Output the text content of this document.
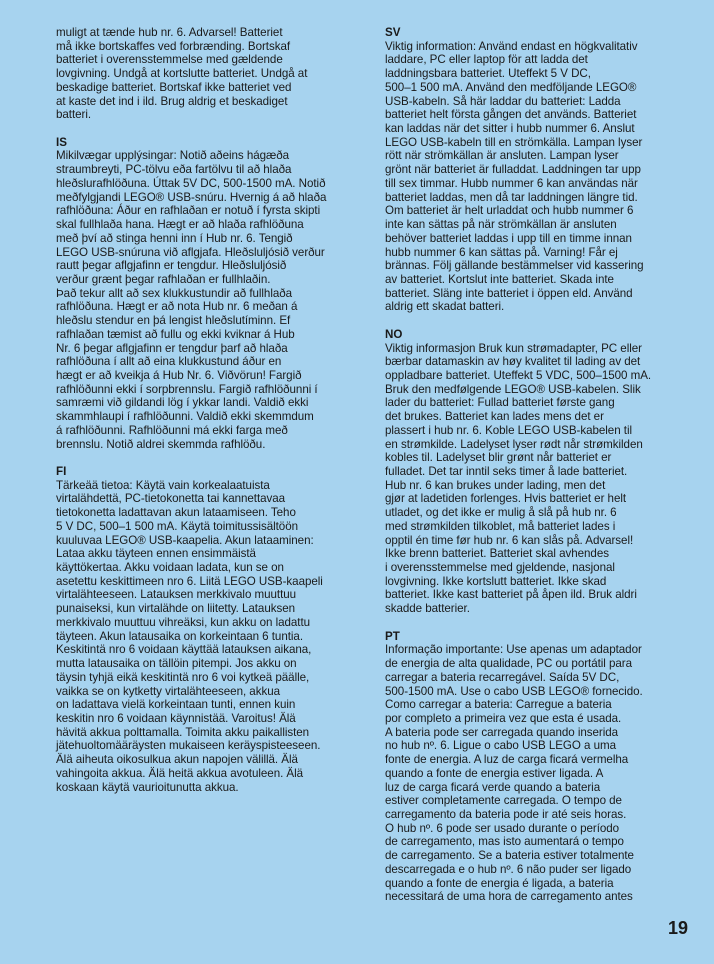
muligt at tænde hub nr. 6. Advarsel! Batteriet
må ikke bortskaffes ved forbrænding. Bortskaf
batteriet i overensstemmelse med gældende
lovgivning. Undgå at kortslutte batteriet. Undgå at
beskadige batteriet. Bortskaf ikke batteriet ved
at kaste det ind i ild. Brug aldrig et beskadiget
batteri.

IS

Mikilvægar upplýsingar: Notið aðeins hágæða
straumbreyti, PC-tölvu eða fartölvu til að hlaða
hleðslurafhlöðuna. Úttak 5V DC, 500-1500 mA. Notið
meðfylgjandi LEGO® USB-snúru. Hvernig á að hlaða
rafhlöðuna: Áður en rafhlaðan er notuð í fyrsta skipti
skal fullhlaða hana. Hægt er að hlaða rafhlöðuna
með því að stinga henni inn í Hub nr. 6. Tengið
LEGO USB-snúruna við aflgjafa. Hleðsluljósið verður
rautt þegar aflgjafinn er tengdur. Hleðsluljósið
verður grænt þegar rafhlaðan er fullhlaðin.
Það tekur allt að sex klukkustundir að fullhlaða
rafhlöðuna. Hægt er að nota Hub nr. 6 meðan á
hleðslu stendur en þá lengist hleðslutíminn. Ef
rafhlaðan tæmist að fullu og ekki kviknar á Hub
Nr. 6 þegar aflgjafinn er tengdur þarf að hlaða
rafhlöðuna í allt að eina klukkustund áður en
hægt er að kveikja á Hub Nr. 6. Viðvörun! Fargið
rafhlöðunni ekki í sorpbrennslu. Fargið rafhlöðunni í
samræmi við gildandi lög í ykkar landi. Valdið ekki
skammhlaupi í rafhlöðunni. Valdið ekki skemmdum
á rafhlöðunni. Rafhlöðunni má ekki farga með
brennslu. Notið aldrei skemmda rafhlöðu.

FI

Tärkeää tietoa: Käytä vain korkealaatuista
virtalähdettä, PC-tietokonetta tai kannettavaa
tietokonetta ladattavan akun lataamiseen. Teho
5 V DC, 500–1 500 mA. Käytä toimitussisältöön
kuuluvaa LEGO® USB-kaapelia. Akun lataaminen:
Lataa akku täyteen ennen ensimmäistä
käyttökertaa. Akku voidaan ladata, kun se on
asetettu keskittimeen nro 6. Liitä LEGO USB-kaapeli
virtalähteeseen. Latauksen merkkivalo muuttuu
punaiseksi, kun virtalähde on liitetty. Latauksen
merkkivalo muuttuu vihreäksi, kun akku on ladattu
täyteen. Akun latausaika on korkeintaan 6 tuntia.
Keskitintä nro 6 voidaan käyttää latauksen aikana,
mutta latausaika on tällöin pitempi. Jos akku on
täysin tyhjä eikä keskitintä nro 6 voi kytkeä päälle,
vaikka se on kytketty virtalähteeseen, akkua
on ladattava vielä korkeintaan tunti, ennen kuin
keskitin nro 6 voidaan käynnistää. Varoitus! Älä
hävitä akkua polttamalla. Toimita akku paikallisten
jätehuoltomääräysten mukaiseen keräyspisteeseen.
Älä aiheuta oikosulkua akun napojen välillä. Älä
vahingoita akkua. Älä heitä akkua avotuleen. Älä
koskaan käytä vaurioitunutta akkua.

SV

Viktig information: Använd endast en högkvalitativ
laddare, PC eller laptop för att ladda det
laddningsbara batteriet. Uteffekt 5 V DC,
500–1 500 mA. Använd den medföljande LEGO®
USB-kabeln. Så här laddar du batteriet: Ladda
batteriet helt första gången det används. Batteriet
kan laddas när det sitter i hubb nummer 6. Anslut
LEGO USB-kabeln till en strömkälla. Lampan lyser
rött när strömkällan är ansluten. Lampan lyser
grönt när batteriet är fulladdat. Laddningen tar upp
till sex timmar. Hubb nummer 6 kan användas när
batteriet laddas, men då tar laddningen längre tid.
Om batteriet är helt urladdat och hubb nummer 6
inte kan sättas på när strömkällan är ansluten
behöver batteriet laddas i upp till en timme innan
hubb nummer 6 kan sättas på. Varning! Får ej
brännas. Följ gällande bestämmelser vid kassering
av batteriet. Kortslut inte batteriet. Skada inte
batteriet. Släng inte batteriet i öppen eld. Använd
aldrig ett skadat batteri.

NO

Viktig informasjon Bruk kun strømadapter, PC eller
bærbar datamaskin av høy kvalitet til lading av det
oppladbare batteriet. Uteffekt 5 VDC, 500–1500 mA.
Bruk den medfølgende LEGO® USB-kabelen. Slik
lader du batteriet: Fullad batteriet første gang
det brukes. Batteriet kan lades mens det er
plassert i hub nr. 6. Koble LEGO USB-kabelen til
en strømkilde. Ladelyset lyser rødt når strømkilden
kobles til. Ladelyset blir grønt når batteriet er
fulladet. Det tar inntil seks timer å lade batteriet.
Hub nr. 6 kan brukes under lading, men det
gjør at ladetiden forlenges. Hvis batteriet er helt
utladet, og det ikke er mulig å slå på hub nr. 6
med strømkilden tilkoblet, må batteriet lades i
opptil én time før hub nr. 6 kan slås på. Advarsel!
Ikke brenn batteriet. Batteriet skal avhendes
i overensstemmelse med gjeldende, nasjonal
lovgivning. Ikke kortslutt batteriet. Ikke skad
batteriet. Ikke kast batteriet på åpen ild. Bruk aldri
skadde batterier.

PT

Informação importante: Use apenas um adaptador
de energia de alta qualidade, PC ou portátil para
carregar a bateria recarregável. Saída 5V DC,
500-1500 mA. Use o cabo USB LEGO® fornecido.
Como carregar a bateria: Carregue a bateria
por completo a primeira vez que esta é usada.
A bateria pode ser carregada quando inserida
no hub nº. 6. Ligue o cabo USB LEGO a uma
fonte de energia. A luz de carga ficará vermelha
quando a fonte de energia estiver ligada. A
luz de carga ficará verde quando a bateria
estiver completamente carregada. O tempo de
carregamento da bateria pode ir até seis horas.
O hub nº. 6 pode ser usado durante o período
de carregamento, mas isto aumentará o tempo
de carregamento. Se a bateria estiver totalmente
descarregada e o hub nº. 6 não puder ser ligado
quando a fonte de energia é ligada, a bateria
necessitará de uma hora de carregamento antes

19
